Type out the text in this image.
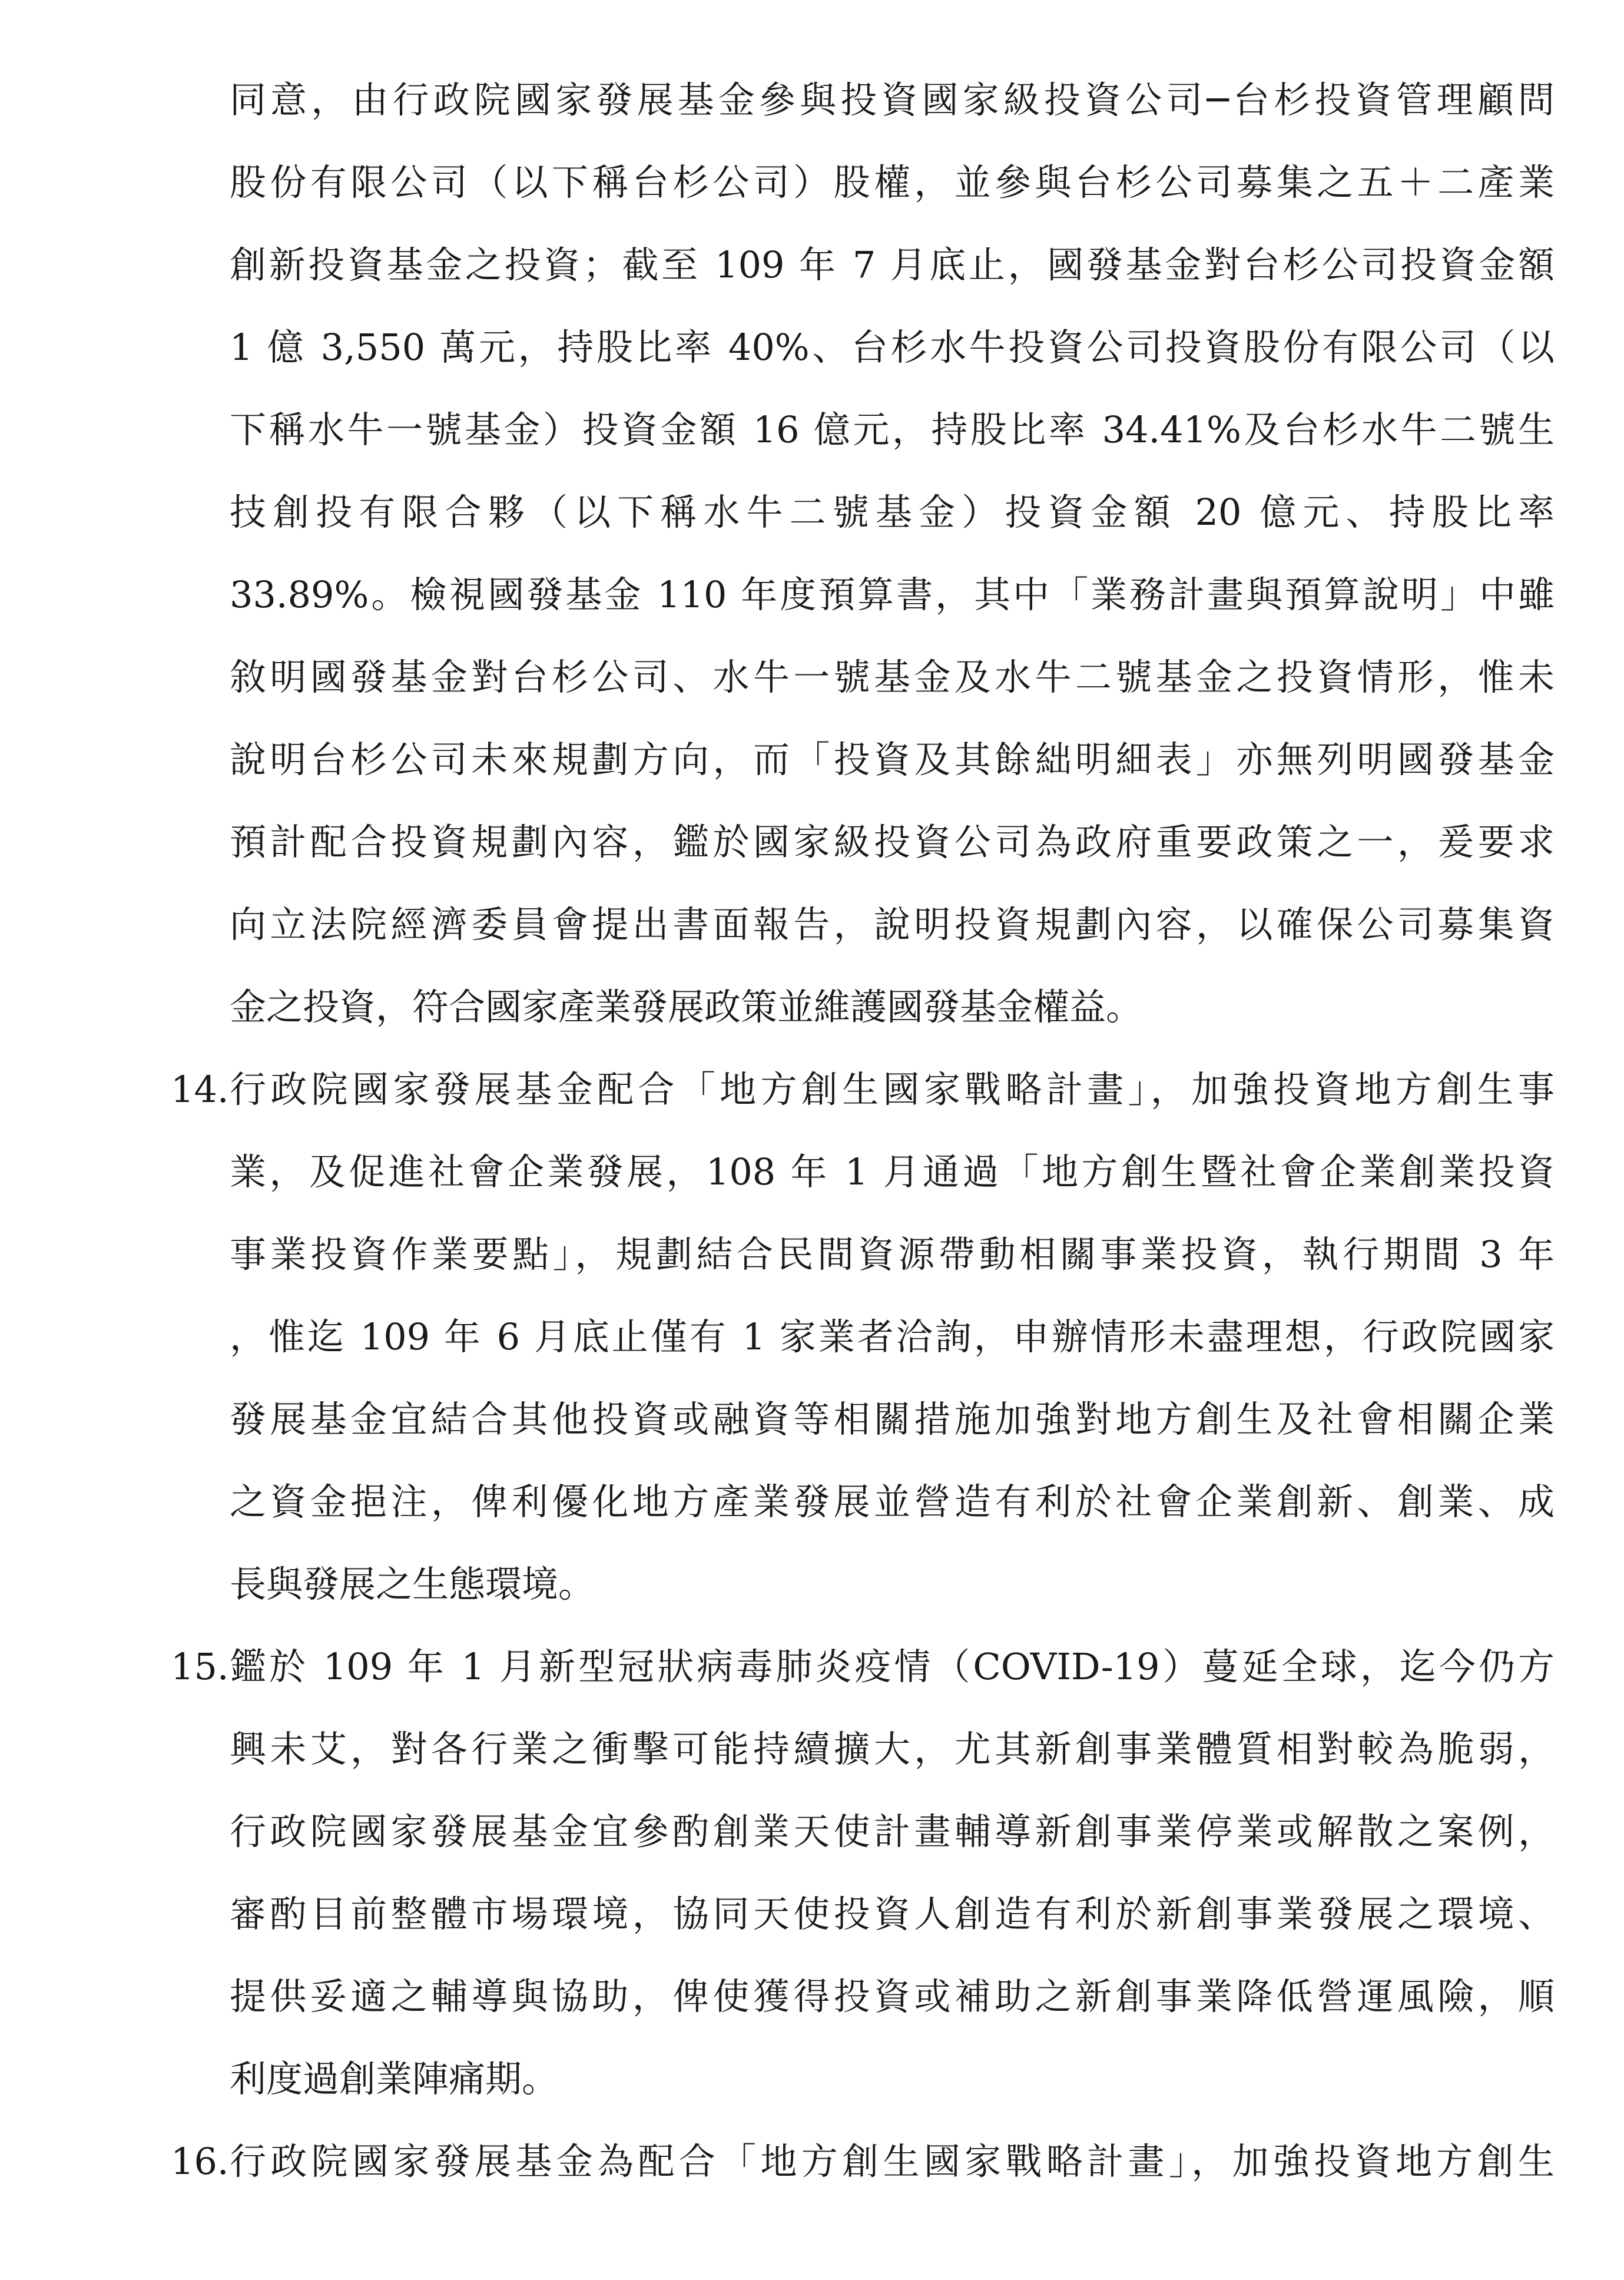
同意，由行政院國家發展基金參與投資國家級投資公司─台杉投資管理顧問
股份有限公司（以下稱台杉公司）股權，並參與台杉公司募集之五＋二產業
創新投資基金之投資；截至 109 年 7 月底止，國發基金對台杉公司投資金額
1 億 3,550 萬元，持股比率 40%、台杉水牛投資公司投資股份有限公司（以
下稱水牛一號基金）投資金額 16 億元，持股比率 34.41%及台杉水牛二號生
技創投有限合夥（以下稱水牛二號基金）投資金額 20 億元、持股比率
33.89%。檢視國發基金 110 年度預算書，其中「業務計畫與預算說明」中雖
敘明國發基金對台杉公司、水牛一號基金及水牛二號基金之投資情形，惟未
說明台杉公司未來規劃方向，而「投資及其餘絀明細表」亦無列明國發基金
預計配合投資規劃內容，鑑於國家級投資公司為政府重要政策之一，爰要求
向立法院經濟委員會提出書面報告，說明投資規劃內容，以確保公司募集資
金之投資，符合國家產業發展政策並維護國發基金權益。
14. 行政院國家發展基金配合「地方創生國家戰略計畫」，加強投資地方創生事
業，及促進社會企業發展，108 年 1 月通過「地方創生暨社會企業創業投資
事業投資作業要點」，規劃結合民間資源帶動相關事業投資，執行期間 3 年
，惟迄 109 年 6 月底止僅有 1 家業者洽詢，申辦情形未盡理想，行政院國家
發展基金宜結合其他投資或融資等相關措施加強對地方創生及社會相關企業
之資金挹注，俾利優化地方產業發展並營造有利於社會企業創新、創業、成
長與發展之生態環境。
15. 鑑於 109 年 1 月新型冠狀病毒肺炎疫情（COVID-19）蔓延全球，迄今仍方
興未艾，對各行業之衝擊可能持續擴大，尤其新創事業體質相對較為脆弱，
行政院國家發展基金宜參酌創業天使計畫輔導新創事業停業或解散之案例，
審酌目前整體市場環境，協同天使投資人創造有利於新創事業發展之環境、
提供妥適之輔導與協助，俾使獲得投資或補助之新創事業降低營運風險，順
利度過創業陣痛期。
16. 行政院國家發展基金為配合「地方創生國家戰略計畫」，加強投資地方創生
